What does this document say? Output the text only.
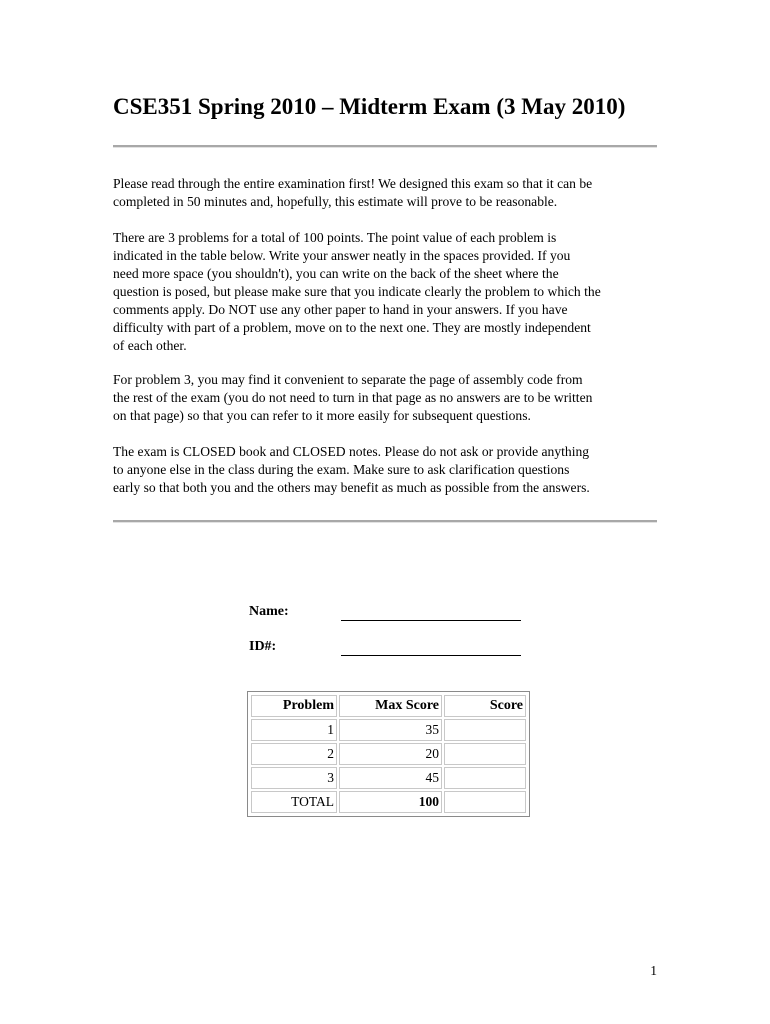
CSE351 Spring 2010 – Midterm Exam (3 May 2010)

Please read through the entire examination first! We designed this exam so that it can be
completed in 50 minutes and, hopefully, this estimate will prove to be reasonable.

There are 3 problems for a total of 100 points. The point value of each problem is
indicated in the table below. Write your answer neatly in the spaces provided. If you
need more space (you shouldn't), you can write on the back of the sheet where the
question is posed, but please make sure that you indicate clearly the problem to which the
comments apply. Do NOT use any other paper to hand in your answers. If you have
difficulty with part of a problem, move on to the next one. They are mostly independent
of each other.

For problem 3, you may find it convenient to separate the page of assembly code from
the rest of the exam (you do not need to turn in that page as no answers are to be written
on that page) so that you can refer to it more easily for subsequent questions.

The exam is CLOSED book and CLOSED notes. Please do not ask or provide anything
to anyone else in the class during the exam. Make sure to ask clarification questions
early so that both you and the others may benefit as much as possible from the answers.

Name:
ID#:
Problem	Max Score	Score
1	35	
2	20	
3	45	
TOTAL	100	
1
